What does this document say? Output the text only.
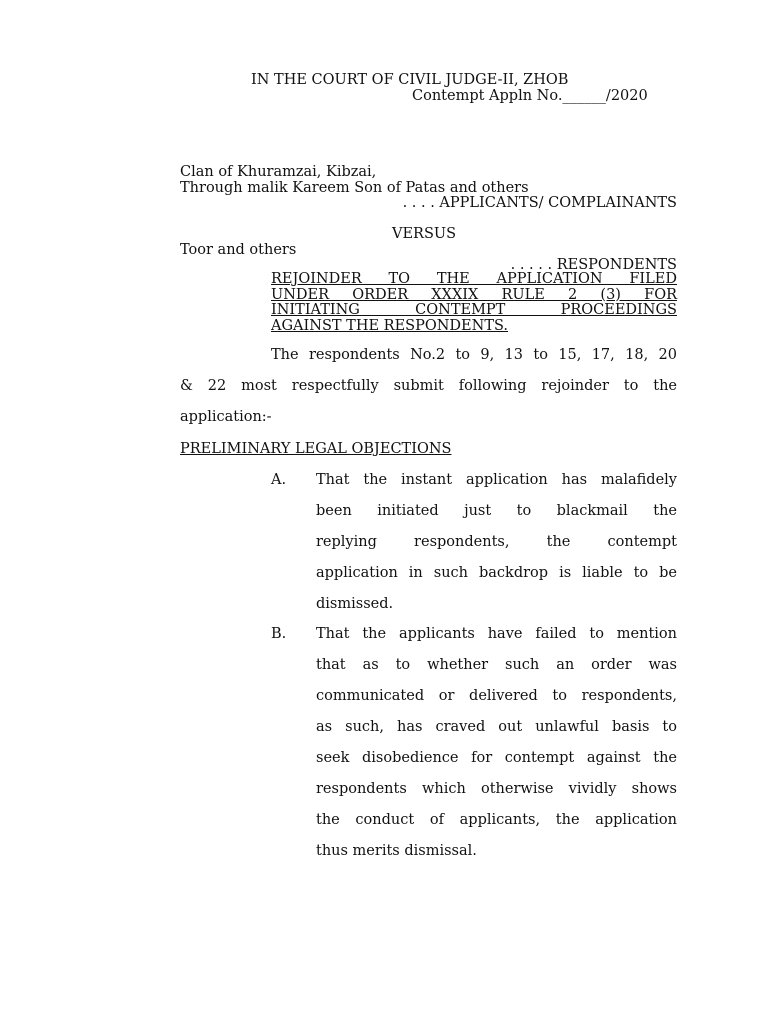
IN THE COURT OF CIVIL JUDGE-II, ZHOB
Contempt Appln No.______/2020
Clan of Khuramzai, Kibzai,
Through malik Kareem Son of Patas and others
. . . . APPLICANTS/ COMPLAINANTS
VERSUS
Toor and others
. . . . . RESPONDENTS
REJOINDER TO THE APPLICATION FILED
UNDER ORDER XXXIX RULE 2 (3) FOR
INITIATING CONTEMPT PROCEEDINGS
AGAINST THE RESPONDENTS.
The respondents No.2 to 9, 13 to 15, 17, 18, 20
& 22 most respectfully submit following rejoinder to the
application:-
PRELIMINARY LEGAL OBJECTIONS
A. That the instant application has malafidely
been initiated just to blackmail the
replying respondents, the contempt
application in such backdrop is liable to be
dismissed.
B. That the applicants have failed to mention
that as to whether such an order was
communicated or delivered to respondents,
as such, has craved out unlawful basis to
seek disobedience for contempt against the
respondents which otherwise vividly shows
the conduct of applicants, the application
thus merits dismissal.
